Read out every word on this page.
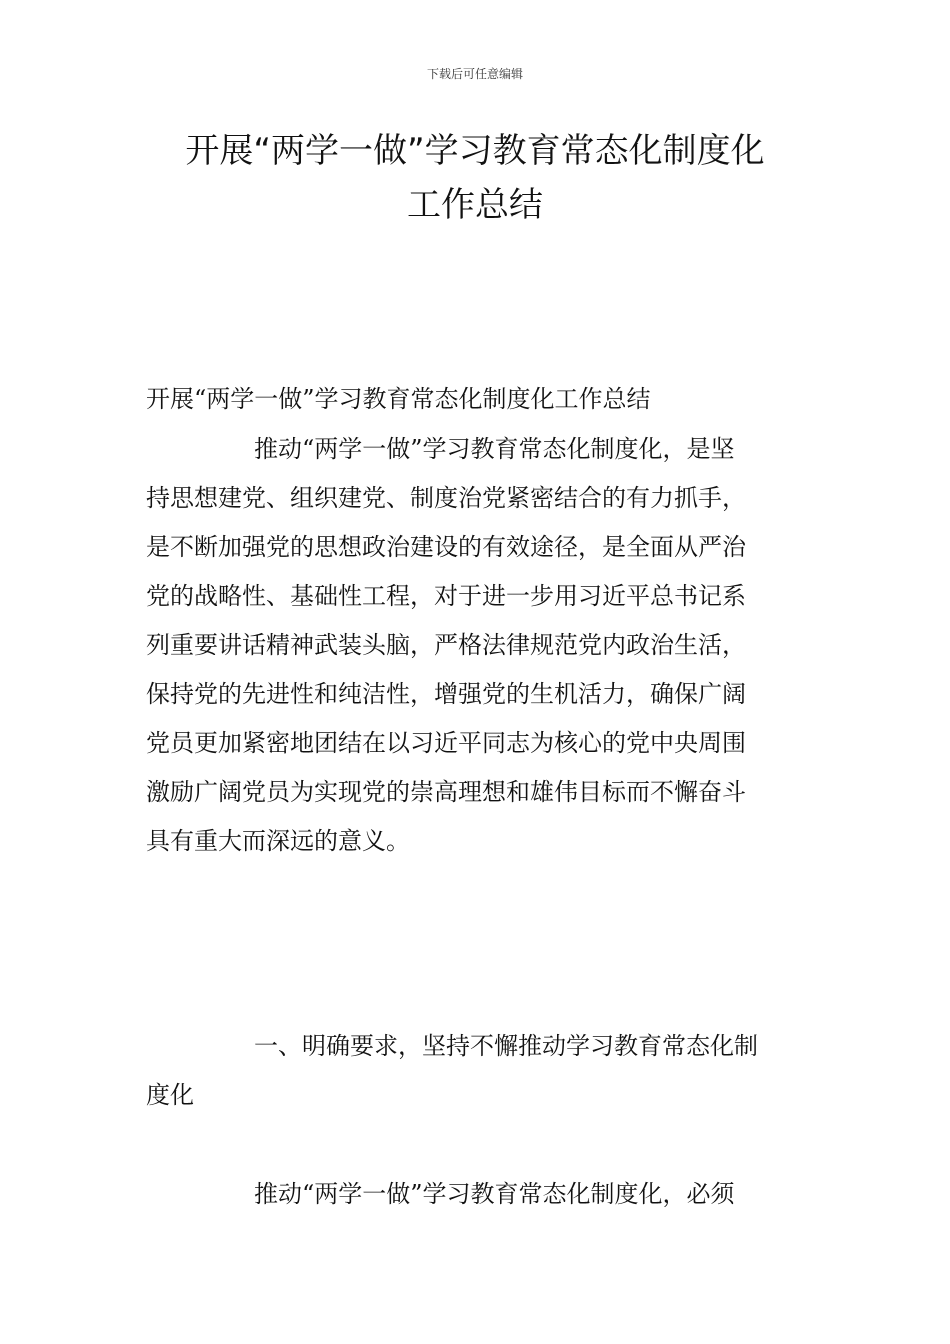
下载后可任意编辑
开展“两学一做”学习教育常态化制度化
工作总结

开展“两学一做”学习教育常态化制度化工作总结

推动“两学一做”学习教育常态化制度化，是坚
持思想建党、组织建党、制度治党紧密结合的有力抓手，
是不断加强党的思想政治建设的有效途径，是全面从严治
党的战略性、基础性工程，对于进一步用习近平总书记系
列重要讲话精神武装头脑，严格法律规范党内政治生活，
保持党的先进性和纯洁性，增强党的生机活力，确保广阔
党员更加紧密地团结在以习近平同志为核心的党中央周围
激励广阔党员为实现党的崇高理想和雄伟目标而不懈奋斗
具有重大而深远的意义。

一、明确要求，坚持不懈推动学习教育常态化制
度化

推动“两学一做”学习教育常态化制度化，必须
